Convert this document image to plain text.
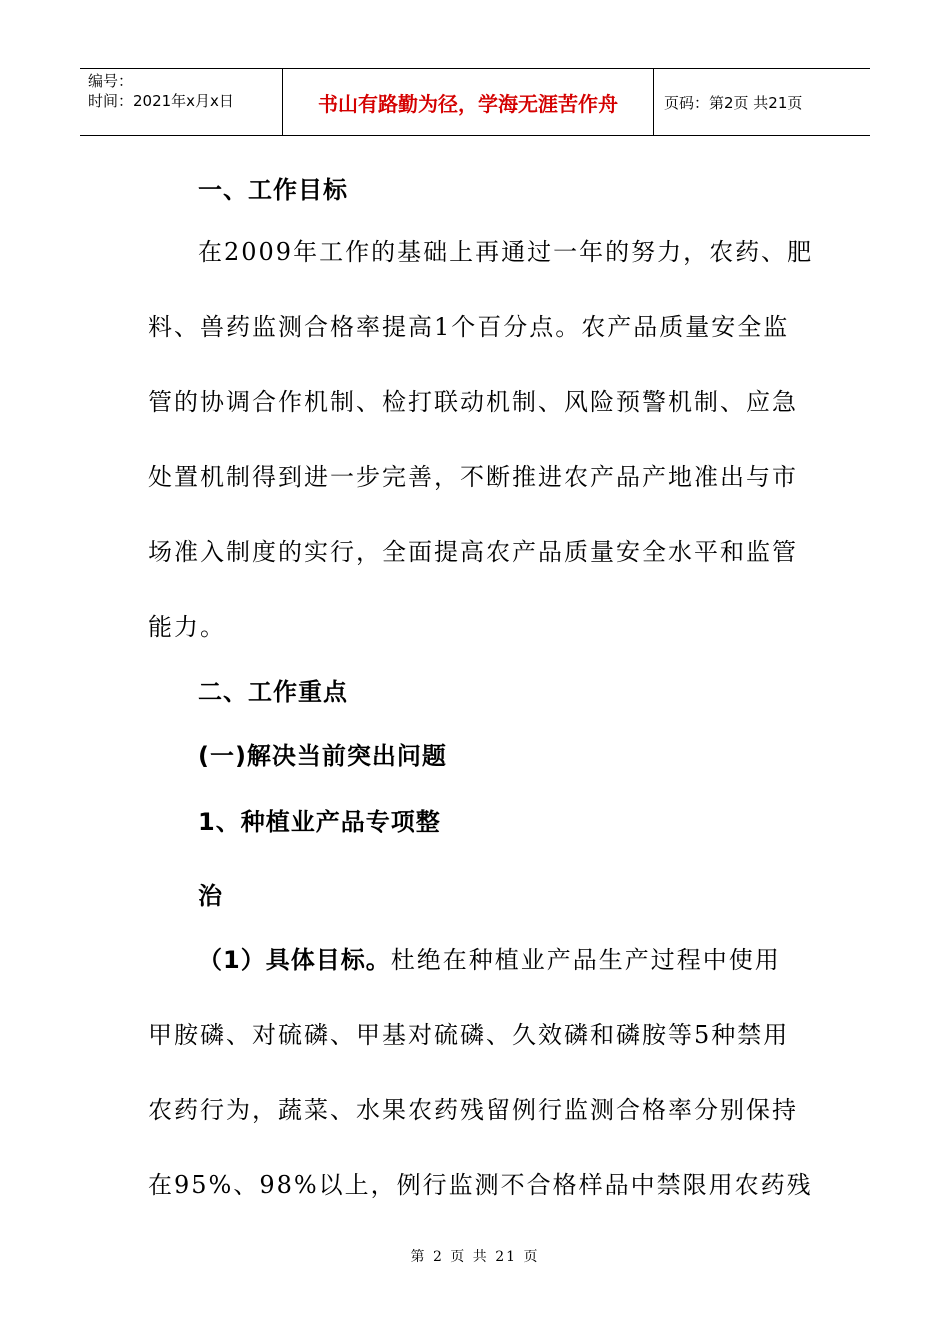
编号：
时间：2021年x月x日	书山有路勤为径，学海无涯苦作舟	页码：第2页 共21页
一、工作目标
在2009年工作的基础上再通过一年的努力，农药、肥
料、兽药监测合格率提高1个百分点。农产品质量安全监
管的协调合作机制、检打联动机制、风险预警机制、应急
处置机制得到进一步完善，不断推进农产品产地准出与市
场准入制度的实行，全面提高农产品质量安全水平和监管
能力。
二、工作重点
(一)解决当前突出问题
1、种植业产品专项整
治
（1）具体目标。杜绝在种植业产品生产过程中使用
甲胺磷、对硫磷、甲基对硫磷、久效磷和磷胺等5种禁用
农药行为，蔬菜、水果农药残留例行监测合格率分别保持
在95%、98%以上，例行监测不合格样品中禁限用农药残
第 2 页 共 21 页
